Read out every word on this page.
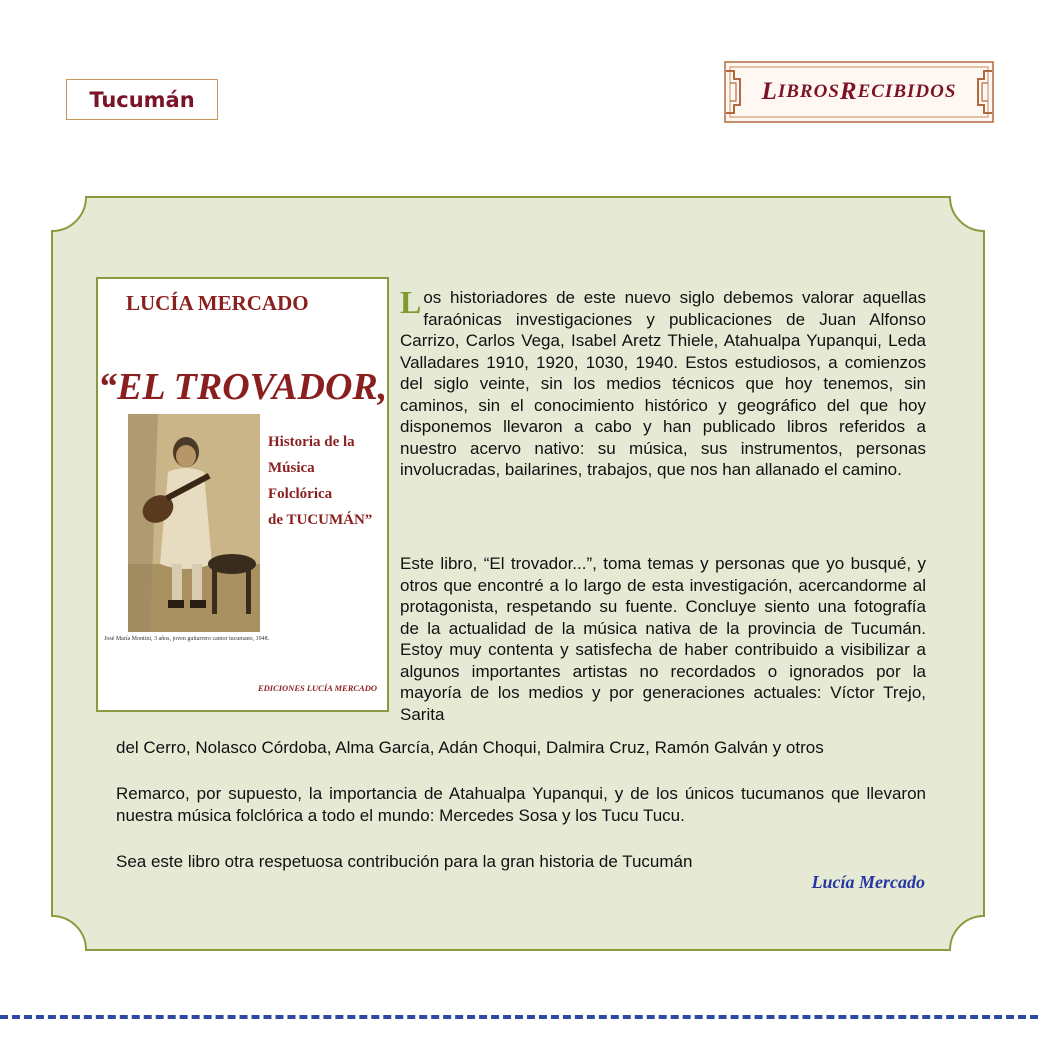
Tucumán	L IBROS R ECIBIDOS
LUCÍA MERCADO
“EL TROVADOR,
Historia de la
Música
Folclórica
de TUCUMÁN”
José María Montini, 3 años, joven guitarrero cantor tucumano, 1948.
EDICIONES LUCÍA MERCADO
Los historiadores de este nuevo siglo debemos valorar aquellas faraónicas investigaciones y publicaciones de Juan Alfonso Carrizo, Carlos Vega, Isabel Aretz Thiele, Atahualpa Yupanqui, Leda Valladares 1910, 1920, 1030, 1940. Estos estudiosos, a comienzos del siglo veinte, sin los medios técnicos que hoy tenemos, sin caminos, sin el conocimiento histórico y geográfico del que hoy disponemos llevaron a cabo y han publicado libros referidos a nuestro acervo nativo: su música, sus instrumentos, personas involucradas, bailarines, trabajos, que nos han allanado el camino.
Este libro, “El trovador...”, toma temas y personas que yo busqué, y otros que encontré a lo largo de esta investigación, acercandorme al protagonista, respetando su fuente. Concluye siento una fotografía de la actualidad de la música nativa de la provincia de Tucumán. Estoy muy contenta y satisfecha de haber contribuido a visibilizar a algunos importantes artistas no recordados o ignorados por la mayoría de los medios y por generaciones actuales: Víctor Trejo, Sarita
del Cerro, Nolasco Córdoba, Alma García, Adán Choqui, Dalmira Cruz, Ramón Galván y otros
Remarco, por supuesto, la importancia de Atahualpa Yupanqui, y de los únicos tucumanos que llevaron nuestra música folclórica a todo el mundo: Mercedes Sosa y los Tucu Tucu.
Sea este libro otra respetuosa contribución para la gran historia de Tucumán
Lucía Mercado
